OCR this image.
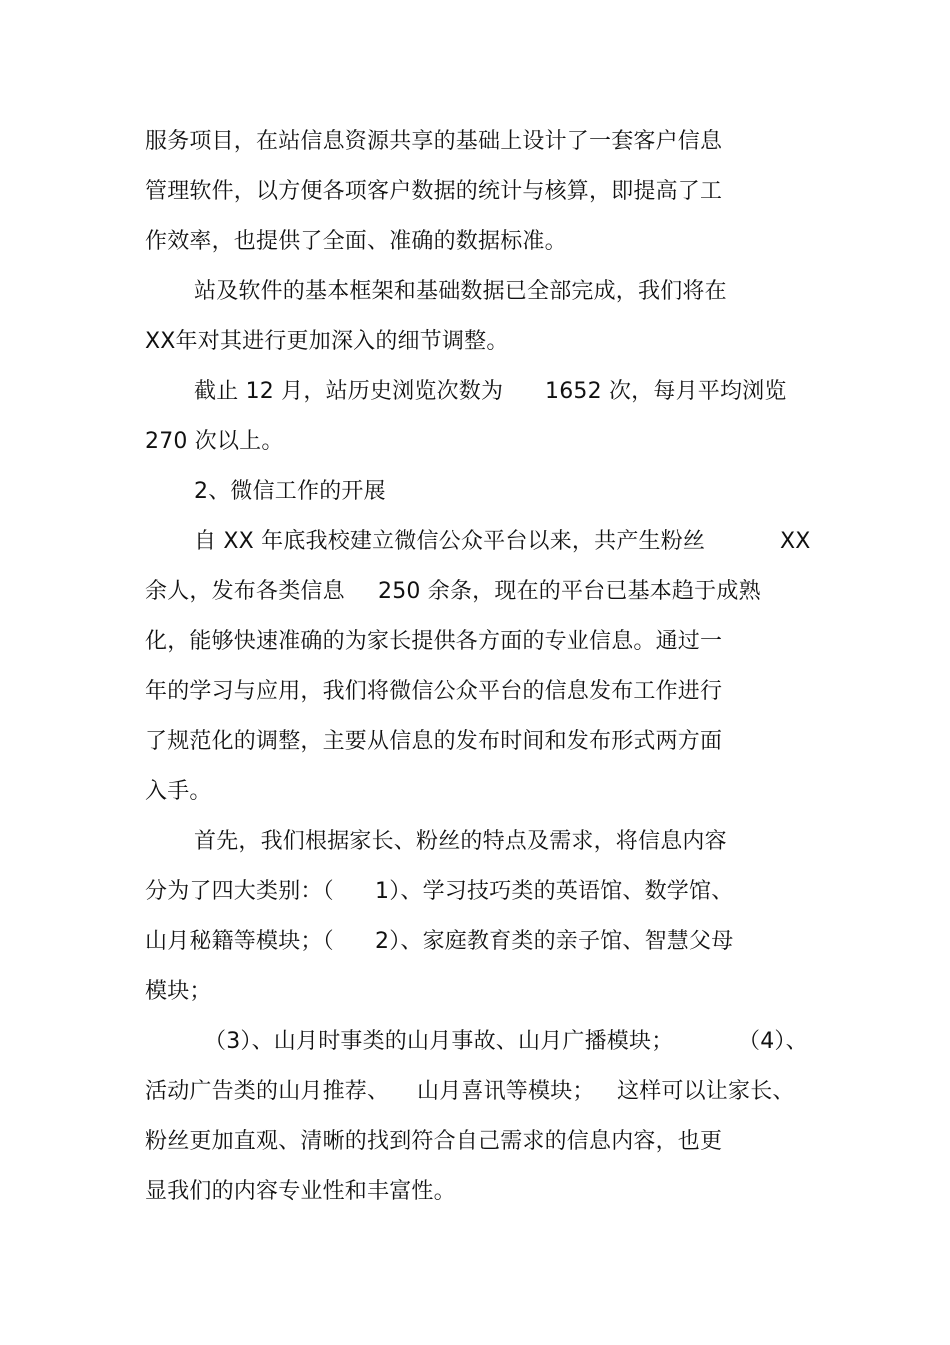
服务项目，在站信息资源共享的基础上设计了一套客户信息
管理软件，以方便各项客户数据的统计与核算，即提高了工
作效率，也提供了全面、准确的数据标准。
站及软件的基本框架和基础数据已全部完成，我们将在
XX年对其进行更加深入的细节调整。
截止 12 月，站历史浏览次数为 1652 次，每月平均浏览
270 次以上。
2、微信工作的开展
自 XX 年底我校建立微信公众平台以来，共产生粉丝	XX
余人，发布各类信息 250 余条，现在的平台已基本趋于成熟
化，能够快速准确的为家长提供各方面的专业信息。通过一
年的学习与应用，我们将微信公众平台的信息发布工作进行
了规范化的调整，主要从信息的发布时间和发布形式两方面
入手。
首先，我们根据家长、粉丝的特点及需求，将信息内容
分为了四大类别：（ 1）、学习技巧类的英语馆、数学馆、
山月秘籍等模块；（ 2）、家庭教育类的亲子馆、智慧父母
模块；
（3）、山月时事类的山月事故、山月广播模块；	（4）、
活动广告类的山月推荐、 山月喜讯等模块； 这样可以让家长、
粉丝更加直观、清晰的找到符合自己需求的信息内容，也更
显我们的内容专业性和丰富性。
